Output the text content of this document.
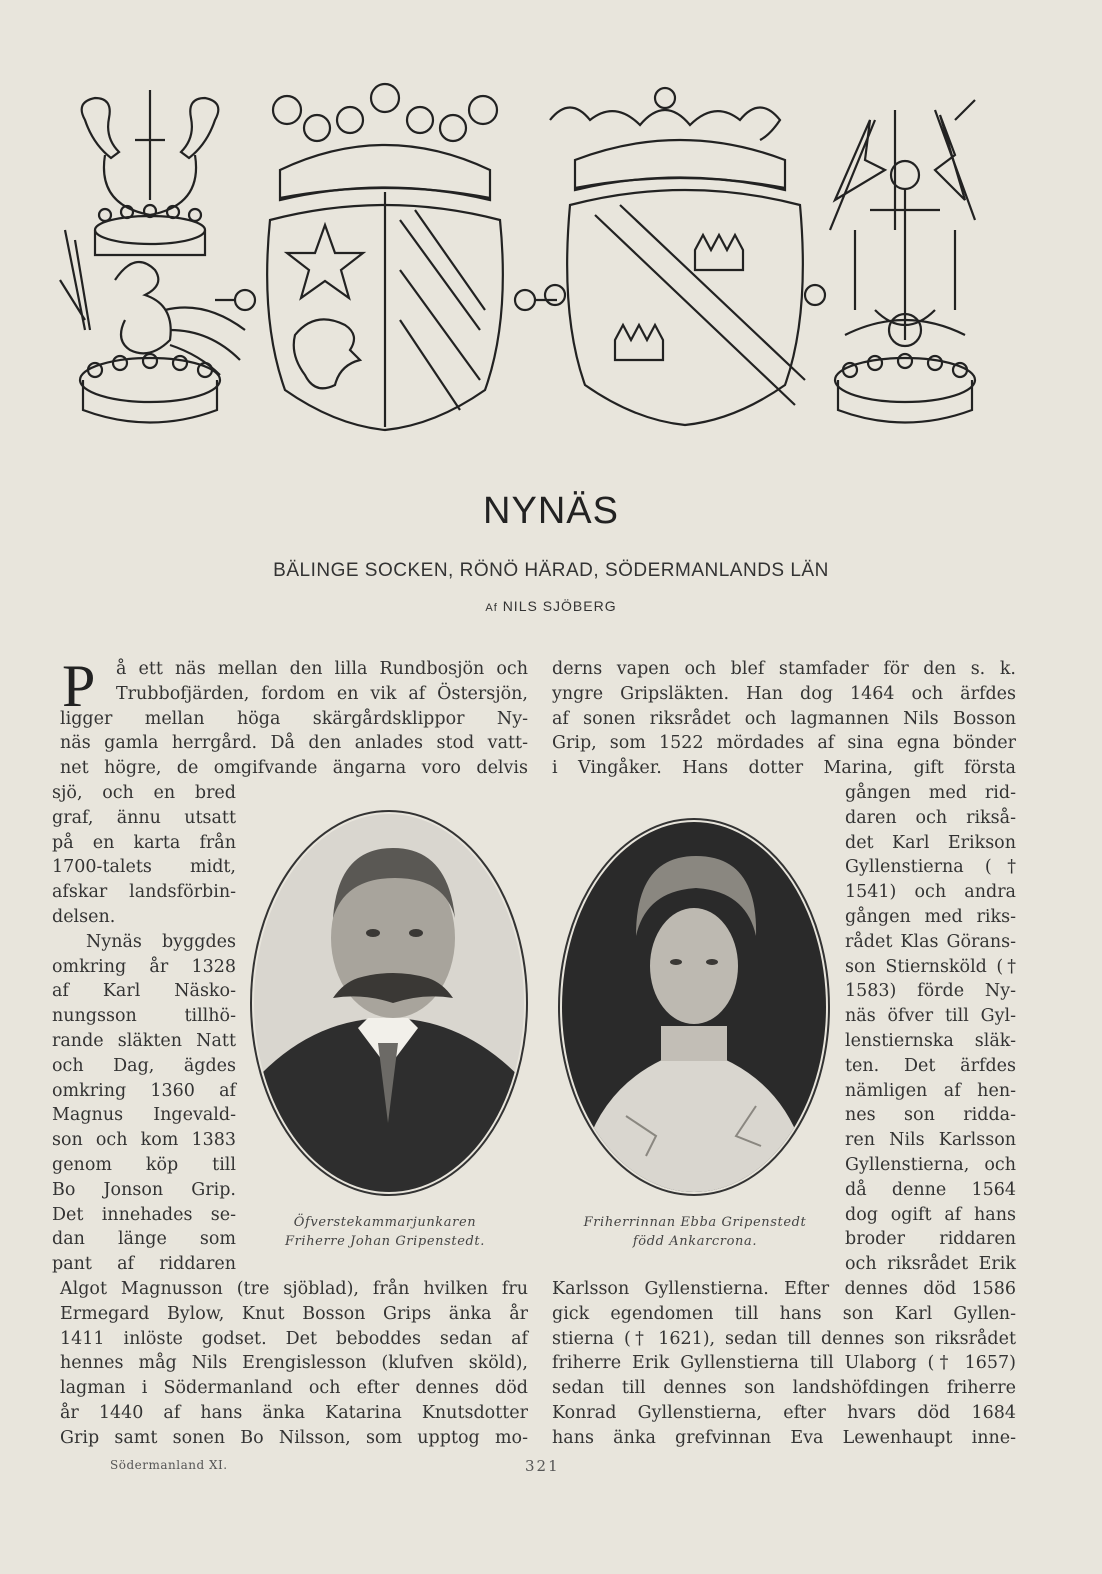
NYNÄS
BÄLINGE SOCKEN, RÖNÖ HÄRAD, SÖDERMANLANDS LÄN
Af NILS SJÖBERG
P	å ett näs mellan den lilla Rundbosjön och
Trubbofjärden, fordom en vik af Östersjön,
ligger mellan höga skärgårdsklippor Ny-
näs gamla herrgård. Då den anlades stod vatt-
net högre, de omgifvande ängarna voro delvis
sjö, och en bred
graf, ännu utsatt
på en karta från
1700-talets midt,
afskar landsförbin-
delsen.
Nynäs byggdes
omkring år 1328
af Karl Näsko-
nungsson tillhö-
rande släkten Natt
och Dag, ägdes
omkring 1360 af
Magnus Ingevald-
son och kom 1383
genom köp till
Bo Jonson Grip.
Det innehades se-
dan länge som
pant af riddaren
Algot Magnusson (tre sjöblad), från hvilken fru
Ermegard Bylow, Knut Bosson Grips änka år
1411 inlöste godset. Det beboddes sedan af
hennes måg Nils Erengislesson (klufven sköld),
lagman i Södermanland och efter dennes död
år 1440 af hans änka Katarina Knutsdotter
Grip samt sonen Bo Nilsson, som upptog mo-
derns vapen och blef stamfader för den s. k.
yngre Gripsläkten. Han dog 1464 och ärfdes
af sonen riksrådet och lagmannen Nils Bosson
Grip, som 1522 mördades af sina egna bönder
i Vingåker. Hans dotter Marina, gift första
gången med rid-
daren och rikså-
det Karl Erikson
Gyllenstierna (†
1541) och andra
gången med riks-
rådet Klas Görans-
son Stiernsköld (†
1583) förde Ny-
näs öfver till Gyl-
lenstiernska släk-
ten. Det ärfdes
nämligen af hen-
nes son ridda-
ren Nils Karlsson
Gyllenstierna, och
då denne 1564
dog ogift af hans
broder riddaren
och riksrådet Erik
Karlsson Gyllenstierna. Efter dennes död 1586
gick egendomen till hans son Karl Gyllen-
stierna († 1621), sedan till dennes son riksrådet
friherre Erik Gyllenstierna till Ulaborg († 1657)
sedan till dennes son landshöfdingen friherre
Konrad Gyllenstierna, efter hvars död 1684
hans änka grefvinnan Eva Lewenhaupt inne-
Öfverstekammarjunkaren
Friherre Johan Gripenstedt.
Friherrinnan Ebba Gripenstedt
född Ankarcrona.
Södermanland XI.	321
